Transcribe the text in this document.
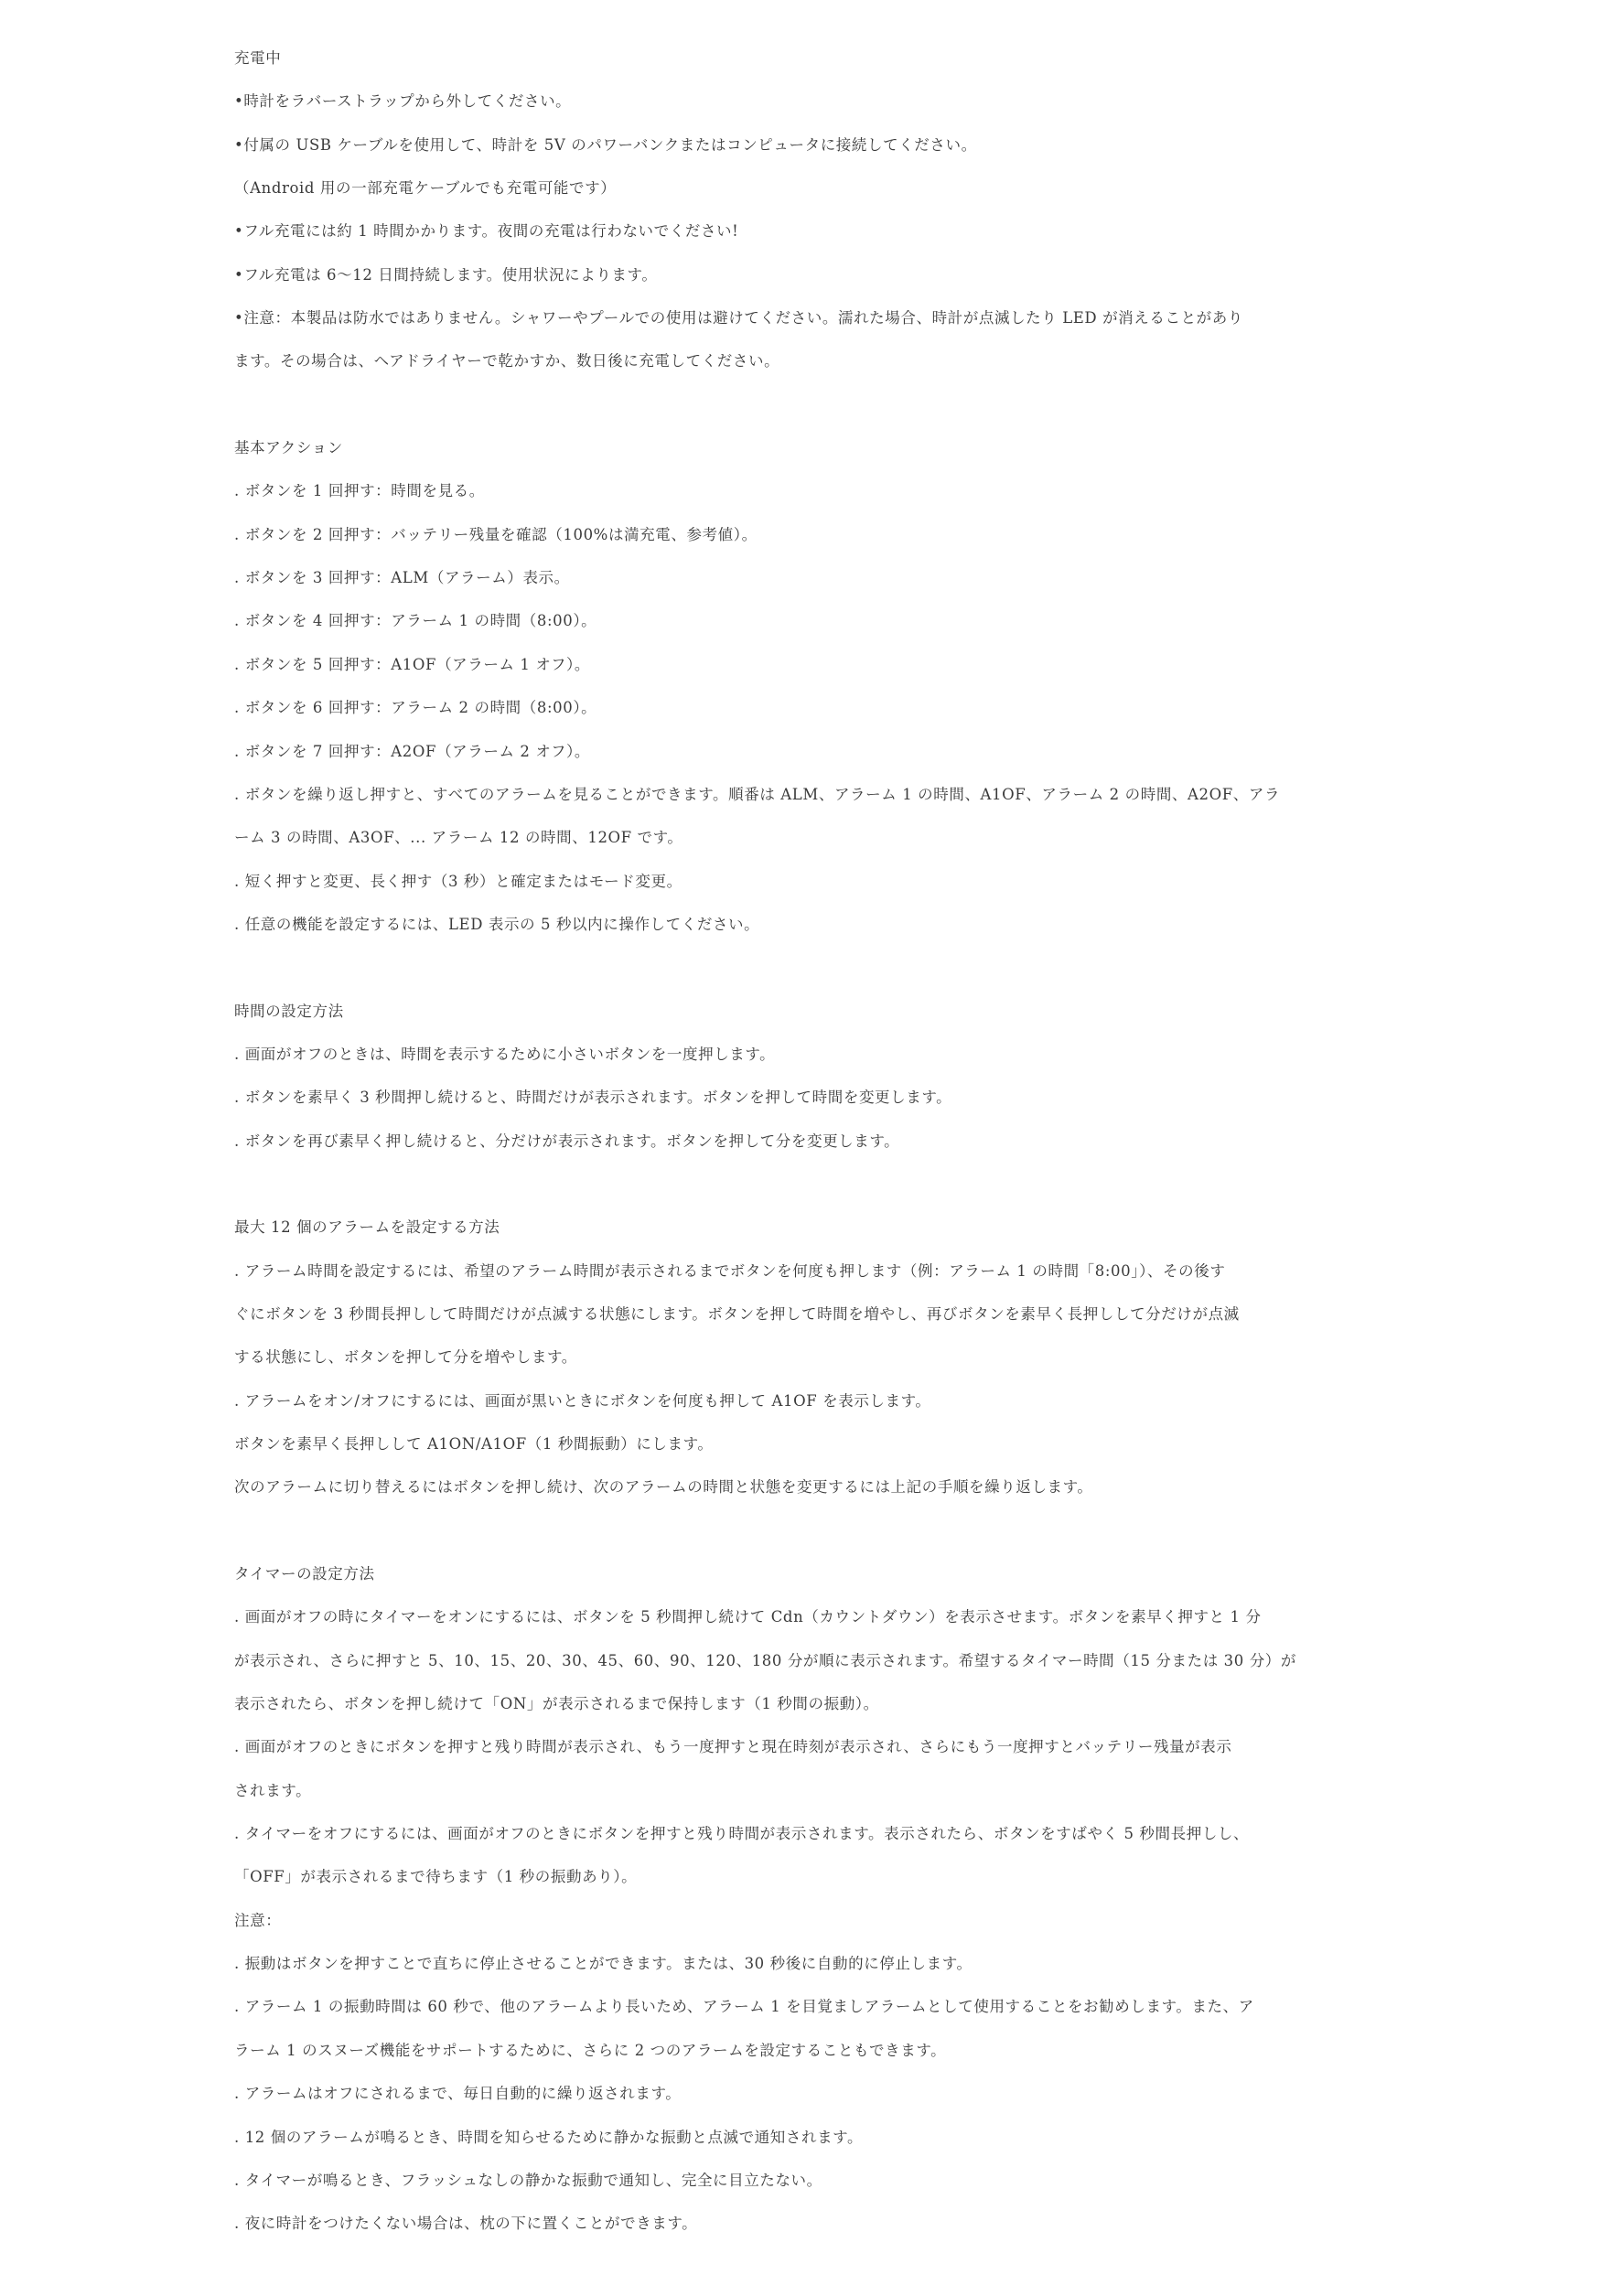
充電中
•時計をラバーストラップから外してください。
•付属の USB ケーブルを使用して、時計を 5V のパワーバンクまたはコンピュータに接続してください。
（Android 用の一部充電ケーブルでも充電可能です）
•フル充電には約 1 時間かかります。夜間の充電は行わないでください!
•フル充電は 6〜12 日間持続します。使用状況によります。
•注意：本製品は防水ではありません。シャワーやプールでの使用は避けてください。濡れた場合、時計が点滅したり LED が消えることがあり
ます。その場合は、ヘアドライヤーで乾かすか、数日後に充電してください。
基本アクション
. ボタンを 1 回押す：時間を見る。
. ボタンを 2 回押す：バッテリー残量を確認（100%は満充電、参考値）。
. ボタンを 3 回押す：ALM（アラーム）表示。
. ボタンを 4 回押す：アラーム 1 の時間（8:00）。
. ボタンを 5 回押す：A1OF（アラーム 1 オフ）。
. ボタンを 6 回押す：アラーム 2 の時間（8:00）。
. ボタンを 7 回押す：A2OF（アラーム 2 オフ）。
. ボタンを繰り返し押すと、すべてのアラームを見ることができます。順番は ALM、アラーム 1 の時間、A1OF、アラーム 2 の時間、A2OF、アラ
ーム 3 の時間、A3OF、... アラーム 12 の時間、12OF です。
. 短く押すと変更、長く押す（3 秒）と確定またはモード変更。
. 任意の機能を設定するには、LED 表示の 5 秒以内に操作してください。
時間の設定方法
. 画面がオフのときは、時間を表示するために小さいボタンを一度押します。
. ボタンを素早く 3 秒間押し続けると、時間だけが表示されます。ボタンを押して時間を変更します。
. ボタンを再び素早く押し続けると、分だけが表示されます。ボタンを押して分を変更します。
最大 12 個のアラームを設定する方法
. アラーム時間を設定するには、希望のアラーム時間が表示されるまでボタンを何度も押します（例：アラーム 1 の時間「8:00」）、その後す
ぐにボタンを 3 秒間長押しして時間だけが点滅する状態にします。ボタンを押して時間を増やし、再びボタンを素早く長押しして分だけが点滅
する状態にし、ボタンを押して分を増やします。
. アラームをオン/オフにするには、画面が黒いときにボタンを何度も押して A1OF を表示します。
ボタンを素早く長押しして A1ON/A1OF（1 秒間振動）にします。
次のアラームに切り替えるにはボタンを押し続け、次のアラームの時間と状態を変更するには上記の手順を繰り返します。
タイマーの設定方法
. 画面がオフの時にタイマーをオンにするには、ボタンを 5 秒間押し続けて Cdn（カウントダウン）を表示させます。ボタンを素早く押すと 1 分
が表示され、さらに押すと 5、10、15、20、30、45、60、90、120、180 分が順に表示されます。希望するタイマー時間（15 分または 30 分）が
表示されたら、ボタンを押し続けて「ON」が表示されるまで保持します（1 秒間の振動）。
. 画面がオフのときにボタンを押すと残り時間が表示され、もう一度押すと現在時刻が表示され、さらにもう一度押すとバッテリー残量が表示
されます。
. タイマーをオフにするには、画面がオフのときにボタンを押すと残り時間が表示されます。表示されたら、ボタンをすばやく 5 秒間長押しし、
「OFF」が表示されるまで待ちます（1 秒の振動あり）。
注意：
. 振動はボタンを押すことで直ちに停止させることができます。または、30 秒後に自動的に停止します。
. アラーム 1 の振動時間は 60 秒で、他のアラームより長いため、アラーム 1 を目覚ましアラームとして使用することをお勧めします。また、ア
ラーム 1 のスヌーズ機能をサポートするために、さらに 2 つのアラームを設定することもできます。
. アラームはオフにされるまで、毎日自動的に繰り返されます。
. 12 個のアラームが鳴るとき、時間を知らせるために静かな振動と点滅で通知されます。
. タイマーが鳴るとき、フラッシュなしの静かな振動で通知し、完全に目立たない。
. 夜に時計をつけたくない場合は、枕の下に置くことができます。
